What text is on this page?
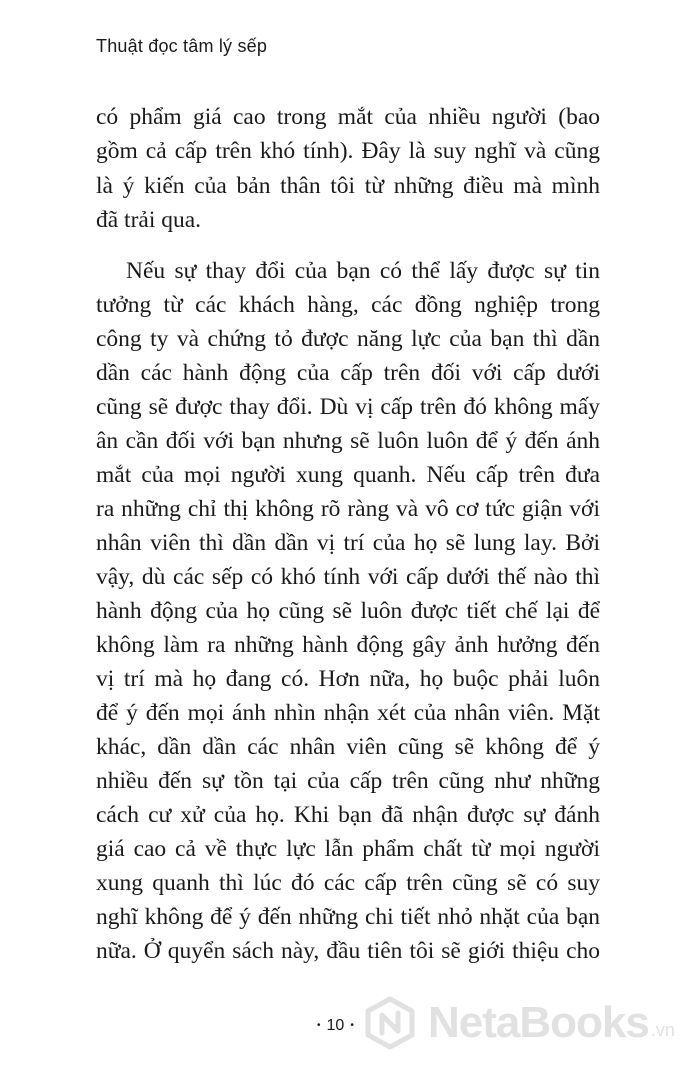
Thuật đọc tâm lý sếp
có phẩm giá cao trong mắt của nhiều người (bao
gồm cả cấp trên khó tính). Đây là suy nghĩ và cũng
là ý kiến của bản thân tôi từ những điều mà mình
đã trải qua.
Nếu sự thay đổi của bạn có thể lấy được sự tin
tưởng từ các khách hàng, các đồng nghiệp trong
công ty và chứng tỏ được năng lực của bạn thì dần
dần các hành động của cấp trên đối với cấp dưới
cũng sẽ được thay đổi. Dù vị cấp trên đó không mấy
ân cần đối với bạn nhưng sẽ luôn luôn để ý đến ánh
mắt của mọi người xung quanh. Nếu cấp trên đưa
ra những chỉ thị không rõ ràng và vô cơ tức giận với
nhân viên thì dần dần vị trí của họ sẽ lung lay. Bởi
vậy, dù các sếp có khó tính với cấp dưới thế nào thì
hành động của họ cũng sẽ luôn được tiết chế lại để
không làm ra những hành động gây ảnh hưởng đến
vị trí mà họ đang có. Hơn nữa, họ buộc phải luôn
để ý đến mọi ánh nhìn nhận xét của nhân viên. Mặt
khác, dần dần các nhân viên cũng sẽ không để ý
nhiều đến sự tồn tại của cấp trên cũng như những
cách cư xử của họ. Khi bạn đã nhận được sự đánh
giá cao cả về thực lực lẫn phẩm chất từ mọi người
xung quanh thì lúc đó các cấp trên cũng sẽ có suy
nghĩ không để ý đến những chi tiết nhỏ nhặt của bạn
nữa. Ở quyển sách này, đầu tiên tôi sẽ giới thiệu cho
• 10 • NetaBooks .vn
